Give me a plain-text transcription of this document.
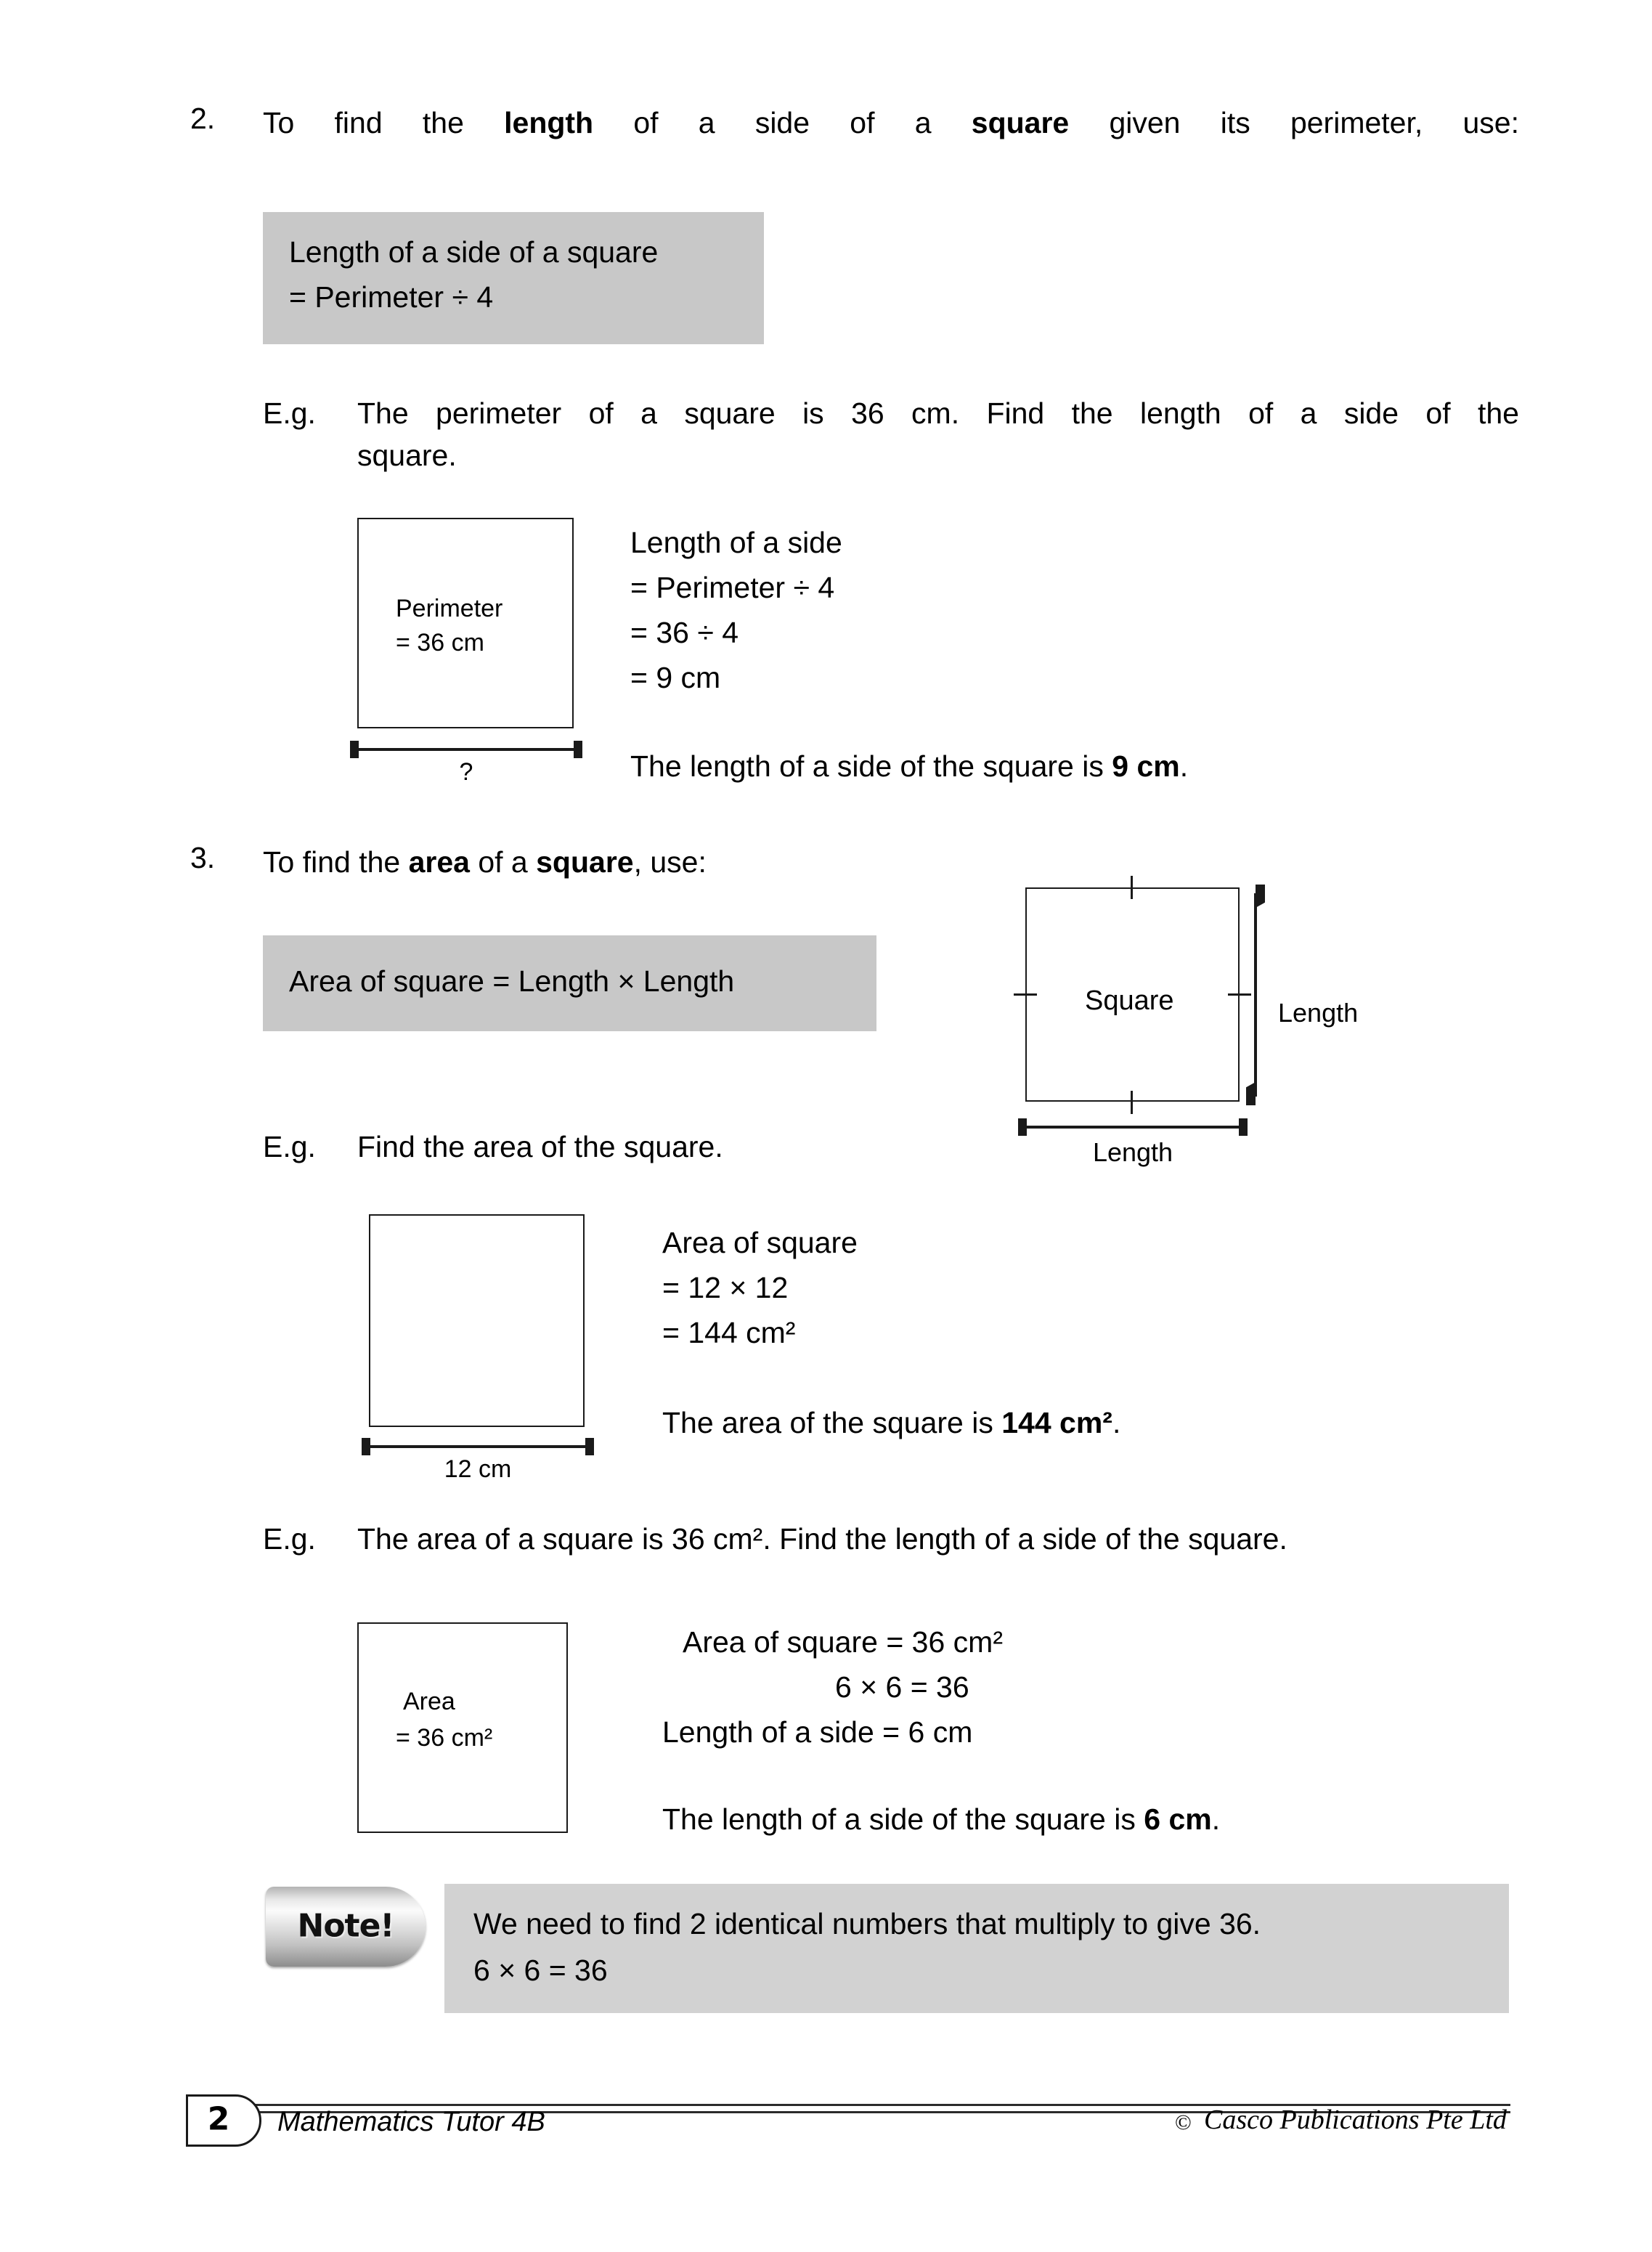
2. To find the length of a side of a square given its perimeter, use:
Length of a side of a square
= Perimeter ÷ 4
E.g. The perimeter of a square is 36 cm. Find the length of a side of the
square.
Perimeter
= 36 cm
?
Length of a side
= Perimeter ÷ 4
= 36 ÷ 4
= 9 cm
The length of a side of the square is 9 cm.
3. To find the area of a square, use:
Area of square = Length × Length
Square	Length
Length
E.g. Find the area of the square.
12 cm
Area of square
= 12 × 12
= 144 cm²
The area of the square is 144 cm².
E.g. The area of a square is 36 cm². Find the length of a side of the square.
Area
= 36 cm²
Area of square = 36 cm²
6 × 6 = 36
Length of a side = 6 cm
The length of a side of the square is 6 cm.
We need to find 2 identical numbers that multiply to give 36.
6 × 6 = 36
Note!
2	Mathematics Tutor 4B	© Casco Publications Pte Ltd
